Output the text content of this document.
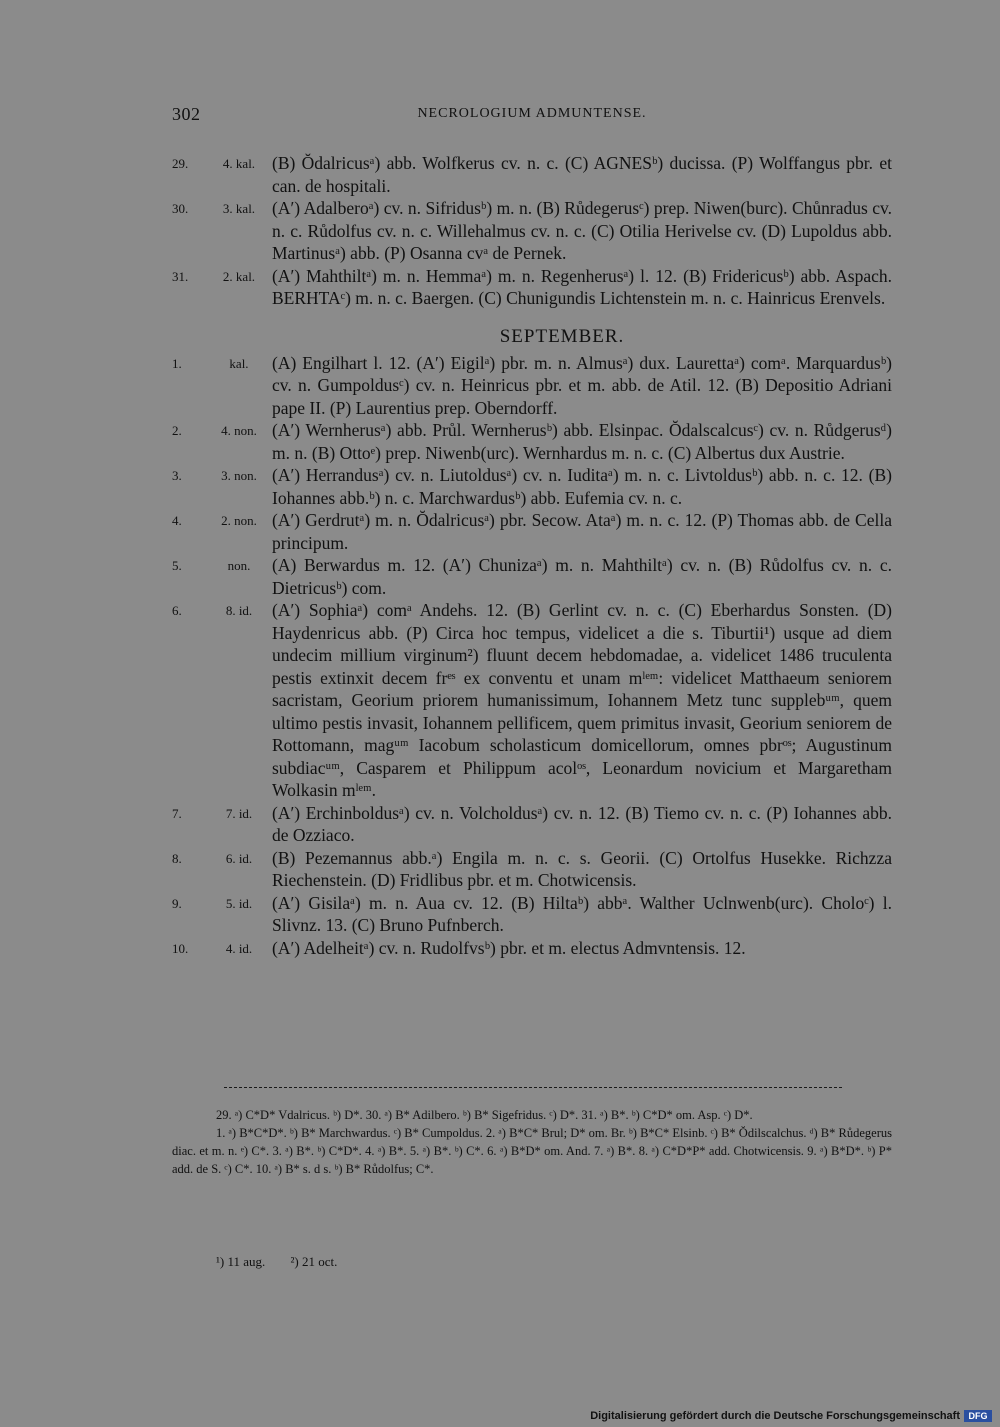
302	NECROLOGIUM ADMUNTENSE.
29.	4. kal. (B) Ŏdalricusᵃ) abb. Wolfkerus cv. n. c. (C) AGNESᵇ) ducissa. (P) Wolffangus pbr. et can. de hospitali.
30.	3. kal. (A′) Adalberoᵃ) cv. n. Sifridusᵇ) m. n. (B) Růdegerusᶜ) prep. Niwen(burc). Chůnradus cv. n. c. Růdolfus cv. n. c. Willehalmus cv. n. c. (C) Otilia Herivelse cv. (D) Lupoldus abb. Martinusᵃ) abb. (P) Osanna cvᵃ de Pernek.
31.	2. kal. (A′) Mahthiltᵃ) m. n. Hemmaᵃ) m. n. Regenherusᵃ) l. 12. (B) Fridericusᵇ) abb. Aspach. BERHTAᶜ) m. n. c. Baergen. (C) Chunigundis Lichtenstein m. n. c. Hainricus Erenvels.
SEPTEMBER.
1.	kal.	(A) Engilhart l. 12. (A′) Eigilᵃ) pbr. m. n. Almusᵃ) dux. Laurettaᵃ) comᵃ. Marquardusᵇ) cv. n. Gumpoldusᶜ) cv. n. Heinricus pbr. et m. abb. de Atil. 12. (B) Depositio Adriani pape II. (P) Laurentius prep. Oberndorff.
2.	4. non. (A′) Wernherusᵃ) abb. Průl. Wernherusᵇ) abb. Elsinpac. Ŏdalscalcusᶜ) cv. n. Růdgerusᵈ) m. n. (B) Ottoᵉ) prep. Niwenb(urc). Wernhardus m. n. c. (C) Albertus dux Austrie.
3.	3. non. (A′) Herrandusᵃ) cv. n. Liutoldusᵃ) cv. n. Iuditaᵃ) m. n. c. Livtoldusᵇ) abb. n. c. 12. (B) Iohannes abb.ᵇ) n. c. Marchwardusᵇ) abb. Eufemia cv. n. c.
4.	2. non. (A′) Gerdrutᵃ) m. n. Ŏdalricusᵃ) pbr. Secow. Ataᵃ) m. n. c. 12. (P) Thomas abb. de Cella principum.
5.	non.	(A) Berwardus m. 12. (A′) Chunizaᵃ) m. n. Mahthiltᵃ) cv. n. (B) Růdolfus cv. n. c. Dietricusᵇ) com.
6.	8. id.	(A′) Sophiaᵃ) comᵃ Andehs. 12. (B) Gerlint cv. n. c. (C) Eberhardus Sonsten. (D) Haydenricus abb. (P) Circa hoc tempus, videlicet a die s. Tiburtii¹) usque ad diem undecim millium virginum²) fluunt decem hebdomadae, a. videlicet 1486 truculenta pestis extinxit decem frᵉˢ ex conventu et unam mˡᵉᵐ: videlicet Matthaeum seniorem sacristam, Georium priorem humanissimum, Iohannem Metz tunc supplebᵘᵐ, quem ultimo pestis invasit, Iohannem pellificem, quem primitus invasit, Georium seniorem de Rottomann, magᵘᵐ Iacobum scholasticum domicellorum, omnes pbrᵒˢ; Augustinum subdiacᵘᵐ, Casparem et Philippum acolᵒˢ, Leonardum novicium et Margaretham Wolkasin mˡᵉᵐ.
7.	7. id.	(A′) Erchinboldusᵃ) cv. n. Volcholdusᵃ) cv. n. 12. (B) Tiemo cv. n. c. (P) Iohannes abb. de Ozziaco.
8.	6. id.	(B) Pezemannus abb.ᵃ) Engila m. n. c. s. Georii. (C) Ortolfus Husekke. Richzza Riechenstein. (D) Fridlibus pbr. et m. Chotwicensis.
9.	5. id.	(A′) Gisilaᵃ) m. n. Aua cv. 12. (B) Hiltaᵇ) abbᵃ. Walther Uclnwenb(urc). Choloᶜ) l. Slivnz. 13. (C) Bruno Pufnberch.
10.	4. id.	(A′) Adelheitᵃ) cv. n. Rudolfvsᵇ) pbr. et m. electus Admvntensis. 12.

29. ᵃ) C*D* Vdalricus. ᵇ) D*. 30. ᵃ) B* Adilbero. ᵇ) B* Sigefridus. ᶜ) D*. 31. ᵃ) B*. ᵇ) C*D* om. Asp. ᶜ) D*.

1. ᵃ) B*C*D*. ᵇ) B* Marchwardus. ᶜ) B* Cumpoldus. 2. ᵃ) B*C* Brul; D* om. Br. ᵇ) B*C* Elsinb. ᶜ) B* Ŏdilscalchus. ᵈ) B* Růdegerus diac. et m. n. ᵉ) C*. 3. ᵃ) B*. ᵇ) C*D*. 4. ᵃ) B*. 5. ᵃ) B*. ᵇ) C*. 6. ᵃ) B*D* om. And. 7. ᵃ) B*. 8. ᵃ) C*D*P* add. Chotwicensis. 9. ᵃ) B*D*. ᵇ) P* add. de S. ᶜ) C*. 10. ᵃ) B* s. d s. ᵇ) B* Růdolfus; C*.

¹) 11 aug. ²) 21 oct.
Digitalisierung gefördert durch die Deutsche Forschungsgemeinschaft DFG
